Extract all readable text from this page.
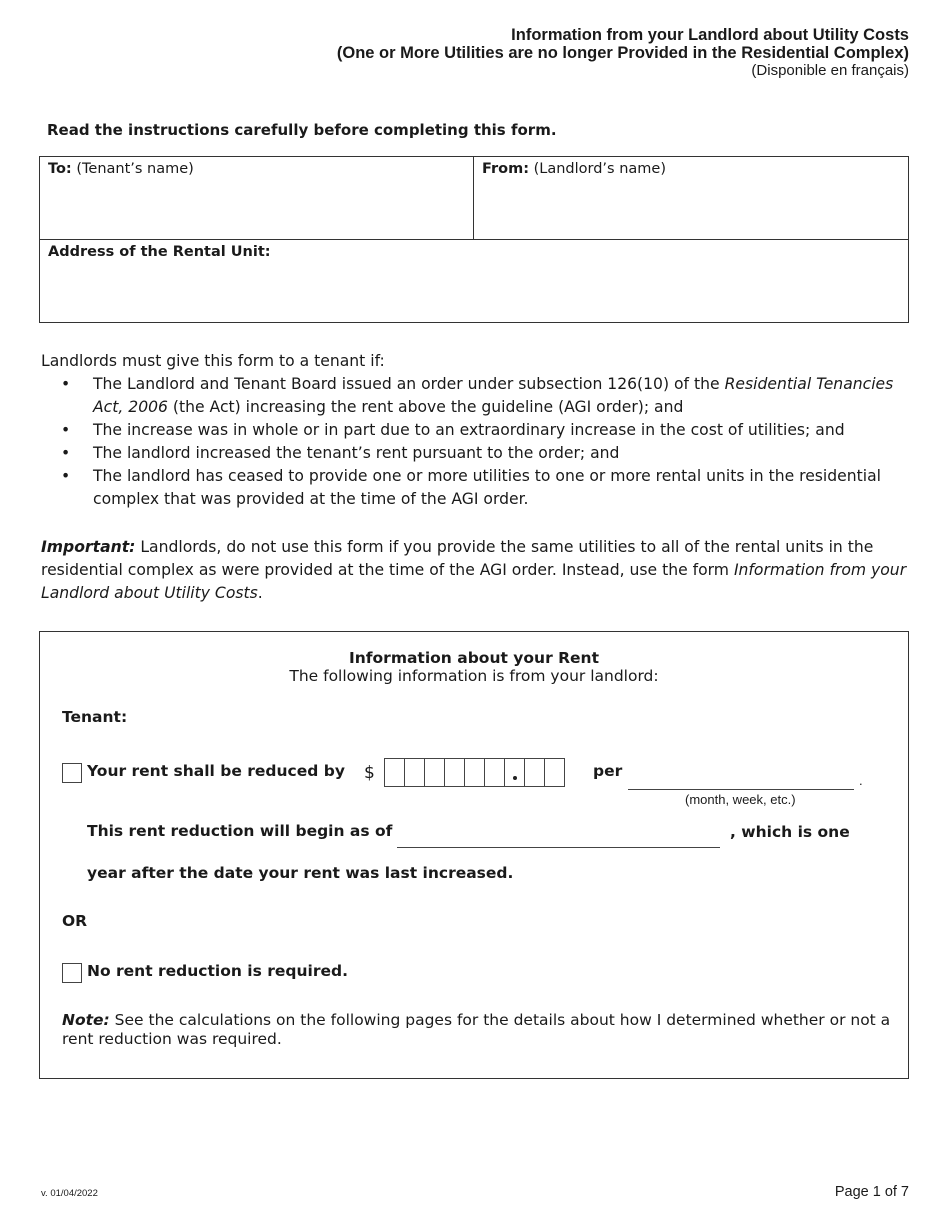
Information from your Landlord about Utility Costs
(One or More Utilities are no longer Provided in the Residential Complex)
(Disponible en français)
Read the instructions carefully before completing this form.
To: (Tenant’s name)	From: (Landlord’s name)
Address of the Rental Unit:
Landlords must give this form to a tenant if:
• The Landlord and Tenant Board issued an order under subsection 126(10) of the Residential Tenancies Act, 2006 (the Act) increasing the rent above the guideline (AGI order); and
• The increase was in whole or in part due to an extraordinary increase in the cost of utilities; and
• The landlord increased the tenant’s rent pursuant to the order; and
• The landlord has ceased to provide one or more utilities to one or more rental units in the residential complex that was provided at the time of the AGI order.
Important: Landlords, do not use this form if you provide the same utilities to all of the rental units in the residential complex as were provided at the time of the AGI order. Instead, use the form Information from your Landlord about Utility Costs.
Information about your Rent
The following information is from your landlord:
Tenant:
Your rent shall be reduced by $	per
.
(month, week, etc.)
This rent reduction will begin as of	, which is one
year after the date your rent was last increased.
OR
No rent reduction is required.
Note: See the calculations on the following pages for the details about how I determined whether or not a rent reduction was required.
v. 01/04/2022	Page 1 of 7
